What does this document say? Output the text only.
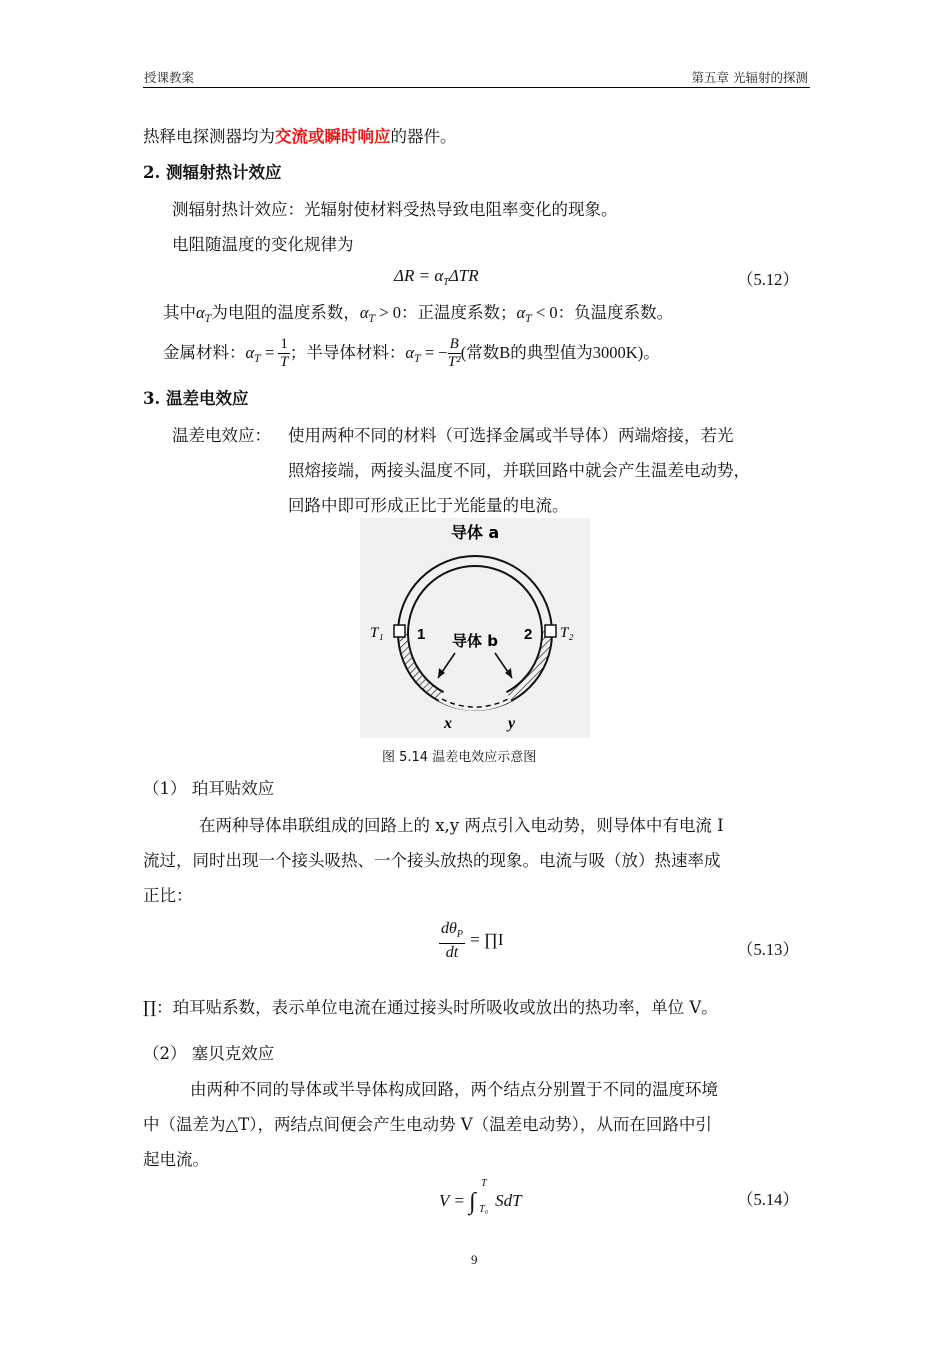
授课教案	第五章 光辐射的探测
热释电探测器均为交流或瞬时响应的器件。
2. 测辐射热计效应
测辐射热计效应：光辐射使材料受热导致电阻率变化的现象。
电阻随温度的变化规律为
$\Delta R = \alpha_T\Delta TR$	（5.12）
其中$\alpha_T$为电阻的温度系数，$\alpha_T > 0$：正温度系数；$\alpha_T < 0$：负温度系数。
金属材料：$\alpha_T = \frac{1}{T}$ ；半导体材料：$\alpha_T$ = − $\frac{B}{\text{T²}}$ (常数B的典型值为3000K)。
3. 温差电效应
温差电效应： 使用两种不同的材料（可选择金属或半导体）两端熔接，若光
照熔接端，两接头温度不同，并联回路中就会产生温差电动势，
回路中即可形成正比于光能量的电流。
导体 a
导体 b
T₁	T₂
1	2
x	y
图 5.14 温差电效应示意图
（1） 珀耳贴效应
在两种导体串联组成的回路上的 x,y 两点引入电动势，则导体中有电流 I
流过，同时出现一个接头吸热、一个接头放热的现象。电流与吸（放）热速率成
正比：
$\frac{d\theta_P}{dt}$ = ∏I
（5.13）
∏：珀耳贴系数，表示单位电流在通过接头时所吸收或放出的热功率，单位 V。
（2） 塞贝克效应
由两种不同的导体或半导体构成回路，两个结点分别置于不同的温度环境
中（温差为△T），两结点间便会产生电动势 V（温差电动势），从而在回路中引
起电流。
V = ∫
T
T₀ SdT	（5.14）
9
